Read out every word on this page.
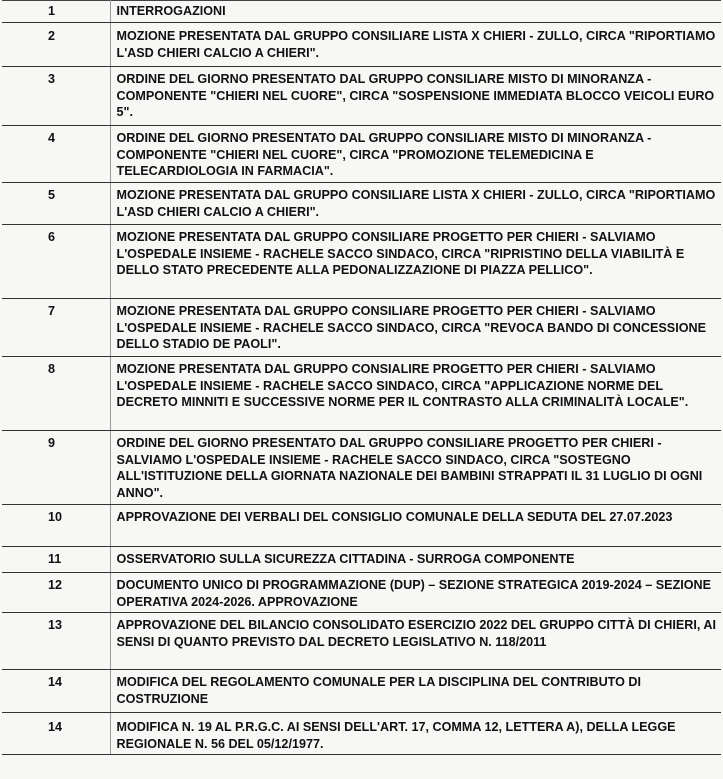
1	INTERROGAZIONI
2	MOZIONE PRESENTATA DAL GRUPPO CONSILIARE LISTA X CHIERI - ZULLO, CIRCA "RIPORTIAMO L'ASD CHIERI CALCIO A CHIERI".
3	ORDINE DEL GIORNO PRESENTATO DAL GRUPPO CONSILIARE MISTO DI MINORANZA - COMPONENTE "CHIERI NEL CUORE", CIRCA "SOSPENSIONE IMMEDIATA BLOCCO VEICOLI EURO 5".
4	ORDINE DEL GIORNO PRESENTATO DAL GRUPPO CONSILIARE MISTO DI MINORANZA - COMPONENTE "CHIERI NEL CUORE", CIRCA "PROMOZIONE TELEMEDICINA E TELECARDIOLOGIA IN FARMACIA".
5	MOZIONE PRESENTATA DAL GRUPPO CONSILIARE LISTA X CHIERI - ZULLO, CIRCA "RIPORTIAMO L'ASD CHIERI CALCIO A CHIERI".
6	MOZIONE PRESENTATA DAL GRUPPO CONSILIARE PROGETTO PER CHIERI - SALVIAMO L'OSPEDALE INSIEME - RACHELE SACCO SINDACO, CIRCA "RIPRISTINO DELLA VIABILITÀ E DELLO STATO PRECEDENTE ALLA PEDONALIZZAZIONE DI PIAZZA PELLICO".
7	MOZIONE PRESENTATA DAL GRUPPO CONSILIARE PROGETTO PER CHIERI - SALVIAMO L'OSPEDALE INSIEME - RACHELE SACCO SINDACO, CIRCA "REVOCA BANDO DI CONCESSIONE DELLO STADIO DE PAOLI".
8	MOZIONE PRESENTATA DAL GRUPPO CONSIALIRE PROGETTO PER CHIERI - SALVIAMO L'OSPEDALE INSIEME - RACHELE SACCO SINDACO, CIRCA "APPLICAZIONE NORME DEL DECRETO MINNITI E SUCCESSIVE NORME PER IL CONTRASTO ALLA CRIMINALITÀ LOCALE".
9	ORDINE DEL GIORNO PRESENTATO DAL GRUPPO CONSILIARE PROGETTO PER CHIERI - SALVIAMO L'OSPEDALE INSIEME - RACHELE SACCO SINDACO, CIRCA "SOSTEGNO ALL'ISTITUZIONE DELLA GIORNATA NAZIONALE DEI BAMBINI STRAPPATI IL 31 LUGLIO DI OGNI ANNO".
10	APPROVAZIONE DEI VERBALI DEL CONSIGLIO COMUNALE DELLA SEDUTA DEL 27.07.2023
11	OSSERVATORIO SULLA SICUREZZA CITTADINA - SURROGA COMPONENTE
12	DOCUMENTO UNICO DI PROGRAMMAZIONE (DUP) – SEZIONE STRATEGICA 2019-2024 – SEZIONE OPERATIVA 2024-2026. APPROVAZIONE
13	APPROVAZIONE DEL BILANCIO CONSOLIDATO ESERCIZIO 2022 DEL GRUPPO CITTÀ DI CHIERI, AI SENSI DI QUANTO PREVISTO DAL DECRETO LEGISLATIVO N. 118/2011
14	MODIFICA DEL REGOLAMENTO COMUNALE PER LA DISCIPLINA DEL CONTRIBUTO DI COSTRUZIONE
14	MODIFICA N. 19 AL P.R.G.C. AI SENSI DELL'ART. 17, COMMA 12, LETTERA A), DELLA LEGGE REGIONALE N. 56 DEL 05/12/1977.
